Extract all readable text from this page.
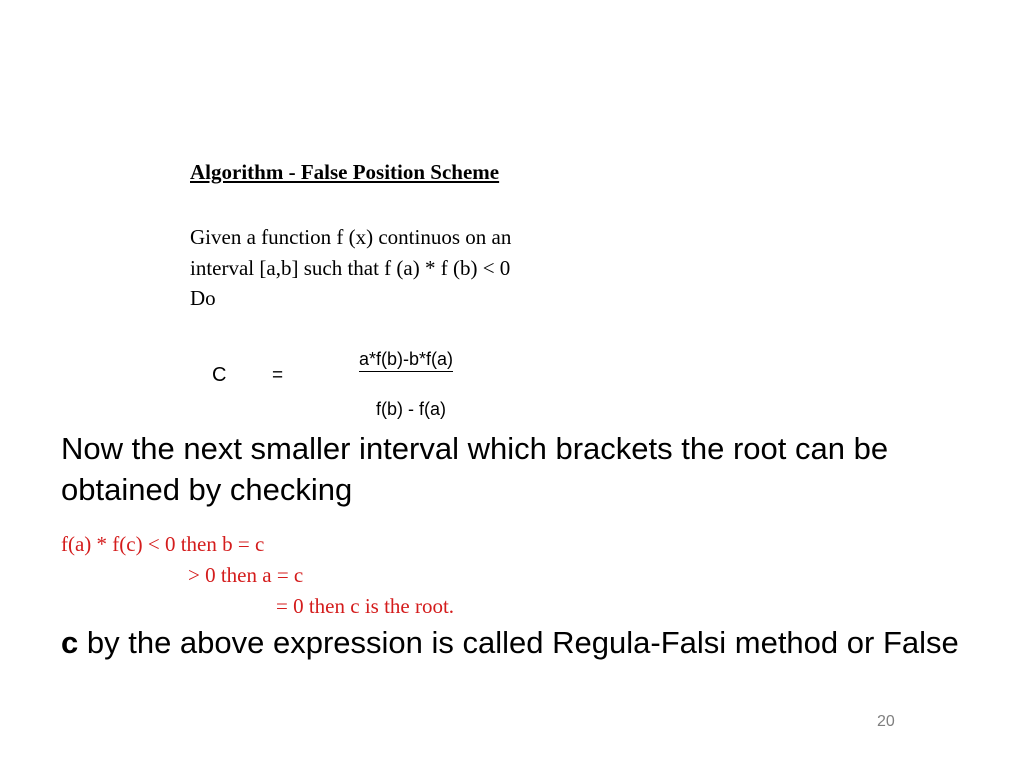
Algorithm - False Position Scheme

Given a function f (x) continuos on an
interval [a,b] such that f (a) * f (b) < 0
Do
C =
a*f(b)-b*f(a)
f(b) - f(a)

Now the next smaller interval which brackets the root can be obtained by checking

f(a) * f(c) < 0 then b = c
> 0 then a = c
= 0 then c is the root.

c by the above expression is called Regula-Falsi method or False

20
